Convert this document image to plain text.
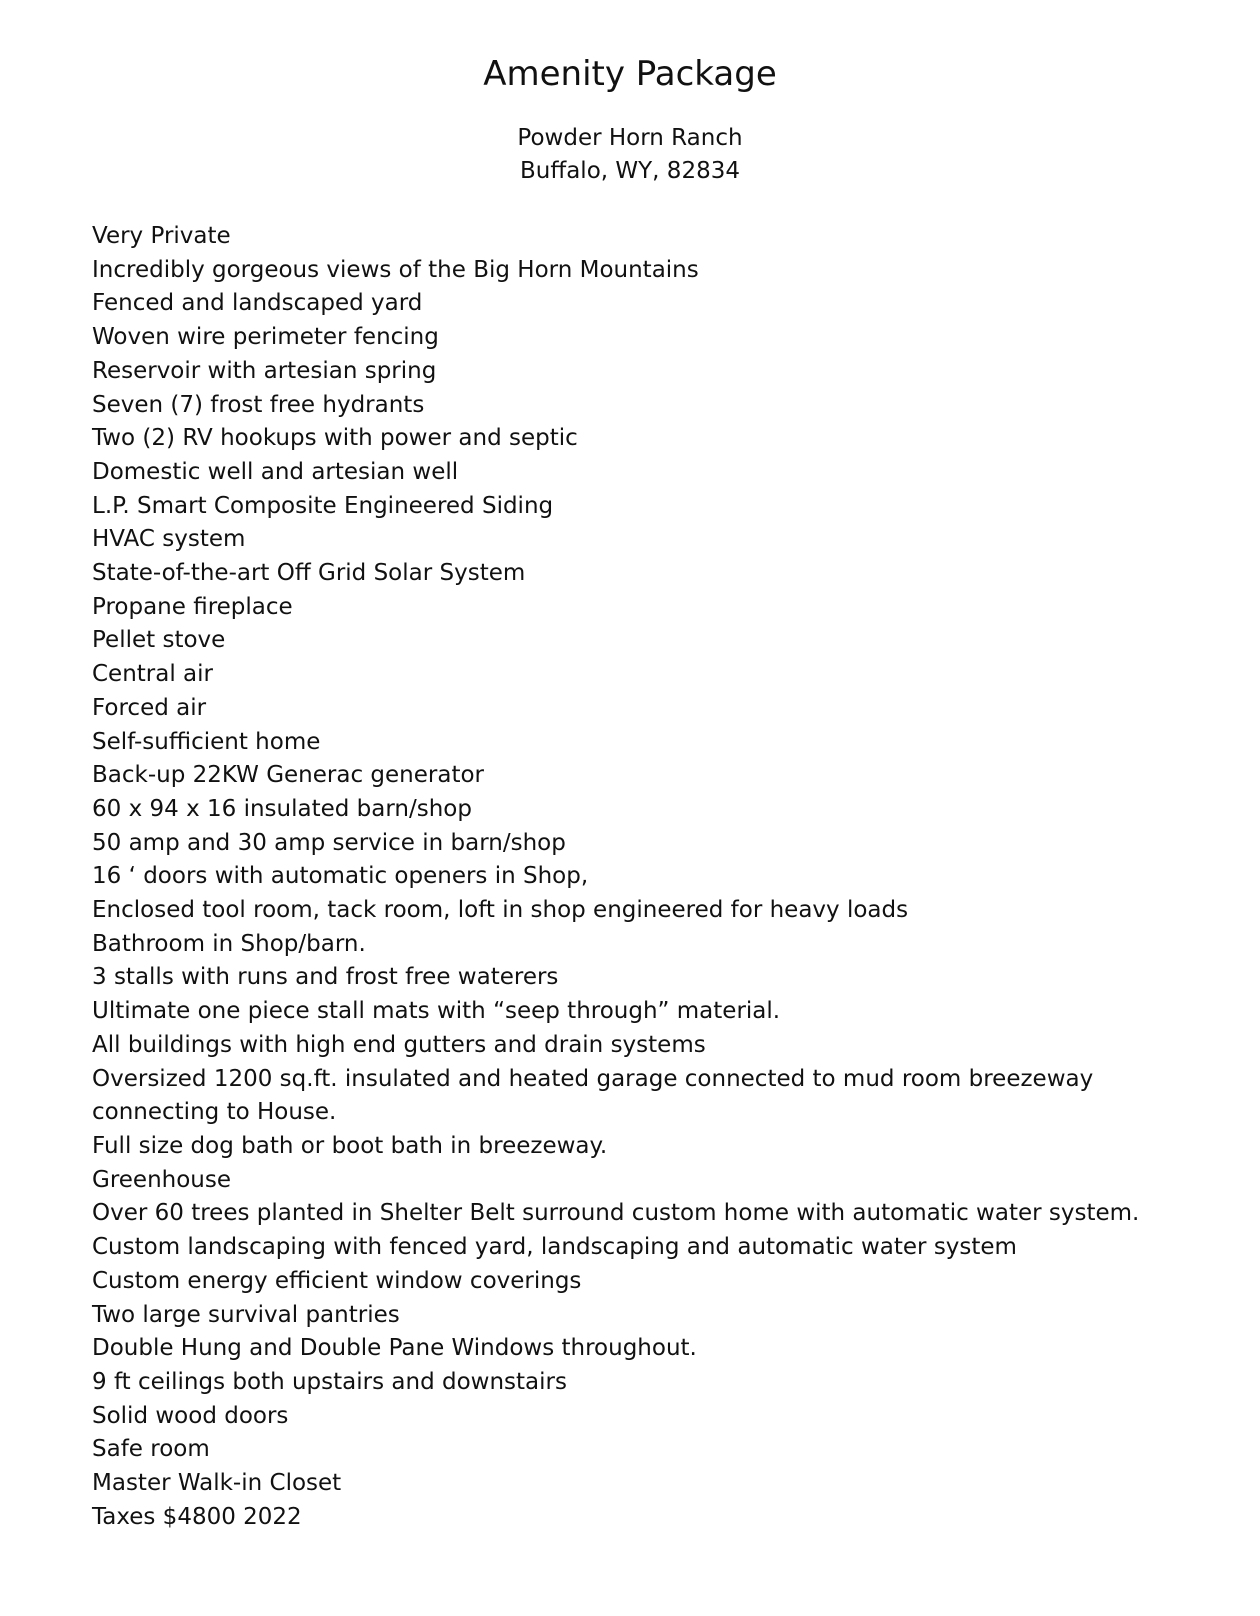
Amenity Package
Powder Horn Ranch
Buffalo, WY, 82834
Very Private
Incredibly gorgeous views of the Big Horn Mountains
Fenced and landscaped yard
Woven wire perimeter fencing
Reservoir with artesian spring
Seven (7) frost free hydrants
Two (2) RV hookups with power and septic
Domestic well and artesian well
L.P. Smart Composite Engineered Siding
HVAC system
State-of-the-art Off Grid Solar System
Propane fireplace
Pellet stove
Central air
Forced air
Self-sufficient home
Back-up 22KW Generac generator
60 x 94 x 16 insulated barn/shop
50 amp and 30 amp service in barn/shop
16 ‘ doors with automatic openers in Shop,
Enclosed tool room, tack room, loft in shop engineered for heavy loads
Bathroom in Shop/barn.
3 stalls with runs and frost free waterers
Ultimate one piece stall mats with “seep through” material.
All buildings with high end gutters and drain systems
Oversized 1200 sq.ft. insulated and heated garage connected to mud room breezeway connecting to House.
Full size dog bath or boot bath in breezeway.
Greenhouse
Over 60 trees planted in Shelter Belt surround custom home with automatic water system.
Custom landscaping with fenced yard, landscaping and automatic water system
Custom energy efficient window coverings
Two large survival pantries
Double Hung and Double Pane Windows throughout.
9 ft ceilings both upstairs and downstairs
Solid wood doors
Safe room
Master Walk-in Closet
Taxes $4800 2022
